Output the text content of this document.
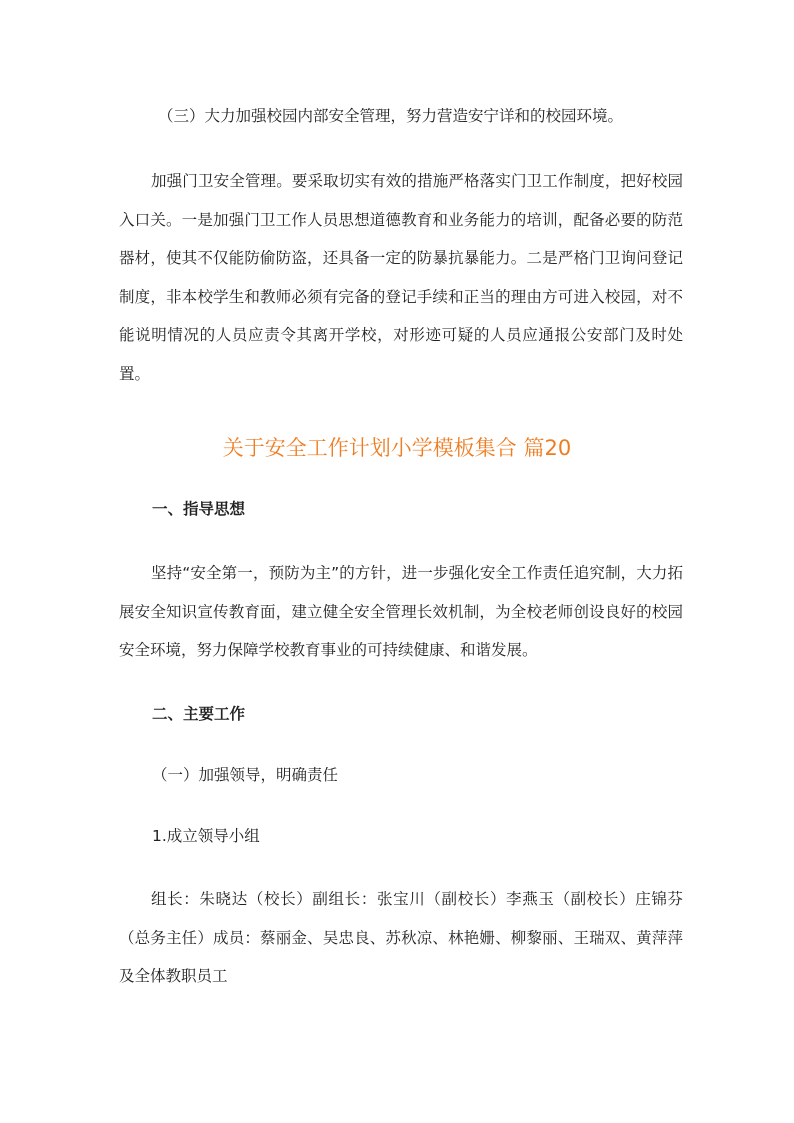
（三）大力加强校园内部安全管理，努力营造安宁详和的校园环境。

加强门卫安全管理。要采取切实有效的措施严格落实门卫工作制度，把好校园入口关。一是加强门卫工作人员思想道德教育和业务能力的培训，配备必要的防范器材，使其不仅能防偷防盗，还具备一定的防暴抗暴能力。二是严格门卫询问登记制度，非本校学生和教师必须有完备的登记手续和正当的理由方可进入校园，对不能说明情况的人员应责令其离开学校，对形迹可疑的人员应通报公安部门及时处置。

关于安全工作计划小学模板集合 篇20

一、指导思想

坚持“安全第一，预防为主”的方针，进一步强化安全工作责任追究制，大力拓展安全知识宣传教育面，建立健全安全管理长效机制，为全校老师创设良好的校园安全环境，努力保障学校教育事业的可持续健康、和谐发展。

二、主要工作

（一）加强领导，明确责任

1.成立领导小组

组长：朱晓达（校长）副组长：张宝川（副校长）李燕玉（副校长）庄锦芬（总务主任）成员：蔡丽金、吴忠良、苏秋凉、林艳姗、柳黎丽、王瑞双、黄萍萍及全体教职员工
